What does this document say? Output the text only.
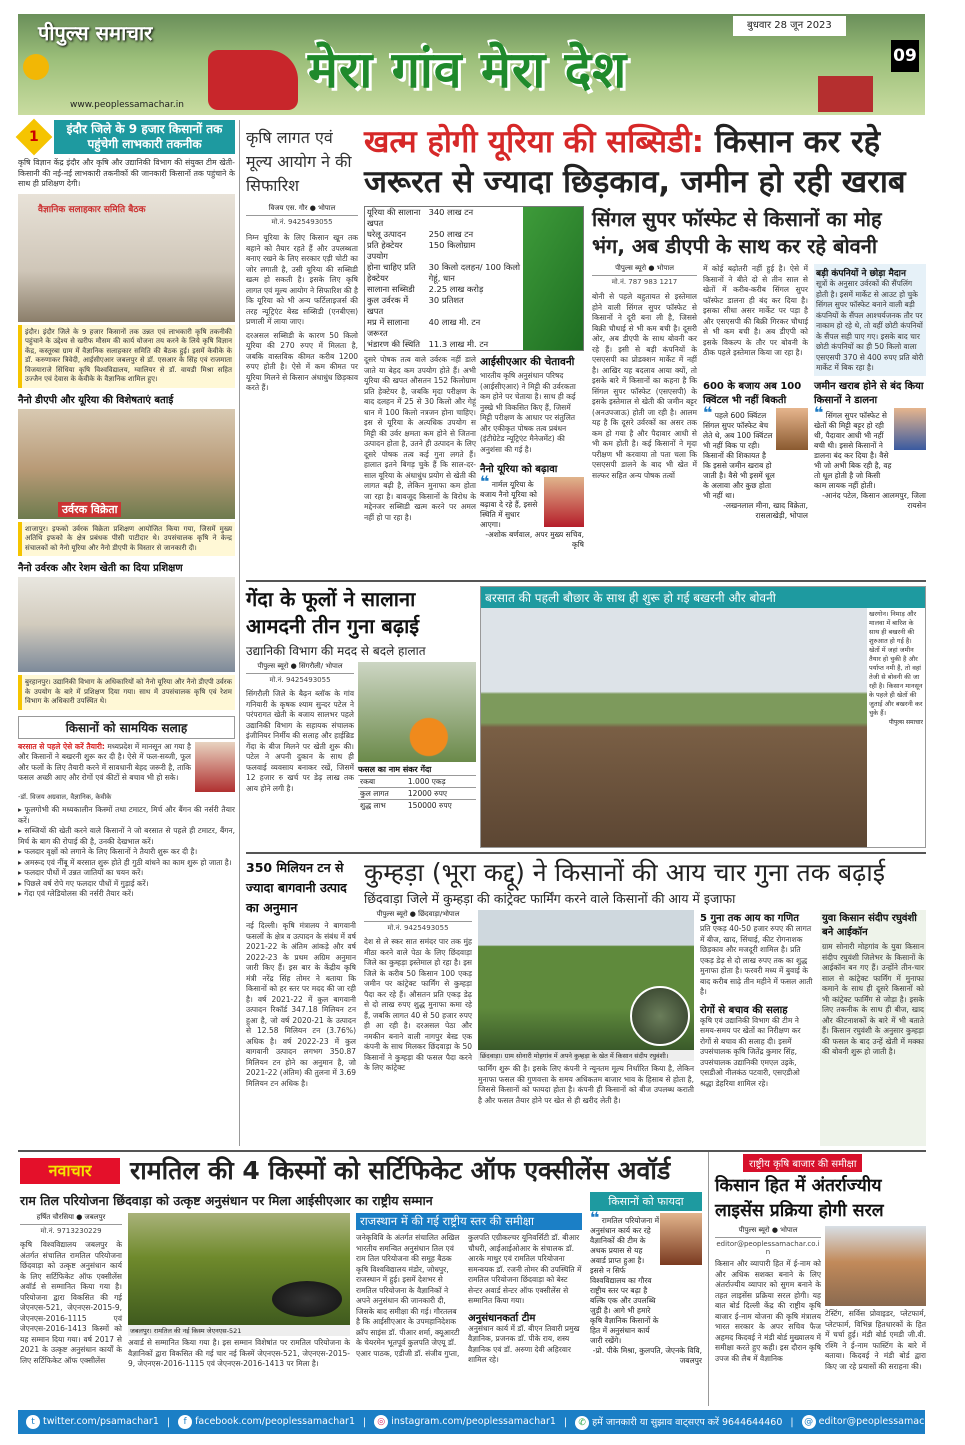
पीपुल्स समाचार
www.peoplessamachar.in
मेरा गांव मेरा देश
बुधवार 28 जून 2023
09
1	इंदौर जिले के 9 हजार किसानों तक पहुंचेगी लाभकारी तकनीक

कृषि विज्ञान केंद्र इंदौर और कृषि और उद्यानिकी विभाग की संयुक्त टीम खेती-किसानी की नई-नई लाभकारी तकनीकों की जानकारी किसानों तक पहुंचाने के साथ ही प्रशिक्षण देगी।

वैज्ञानिक सलाहकार समिति बैठक

इंदौर। इंदौर जिले के 9 हजार किसानों तक उन्नत एवं लाभकारी कृषि तकनीकी पहुंचाने के उद्देश्य से खरीफ मौसम की कार्य योजना तय करने के लिये कृषि विज्ञान केंद्र, कस्तूरबा ग्राम में वैज्ञानिक सलाहकार समिति की बैठक हुई। इसमें केवीके के डॉ. करुणाकर त्रिवेदी, आईसीएआर जबलपुर से डॉ. एसआर के सिंह एवं राजमाता विजयाराजे सिंधिया कृषि विश्वविद्यालय, ग्वालियर से डॉ. वायडी मिश्रा सहित उज्जैन एवं देवास के केवीके के वैज्ञानिक शामिल हुए।

नैनो डीएपी और यूरिया की विशेषताएं बताई
उर्वरक विक्रेता

शाजापुर। इफको उर्वरक विक्रेता प्रशिक्षण आयोजित किया गया, जिसमें मुख्य अतिथि इफको के क्षेत्र प्रबंधक पीसी पाटीदार थे। उपसंचालक कृषि ने केन्द्र संचालकों को नैनो यूरिया और नैनो डीएपी के विस्तार से जानकारी दी।

नैनो उर्वरक और रेशम खेती का दिया प्रशिक्षण

बुरहानपुर। उद्यानिकी विभाग के अधिकारियों को नैनो यूरिया और नैनो डीएपी उर्वरक के उपयोग के बारे में प्रशिक्षण दिया गया। साथ में उपसंचालक कृषि एवं रेशम विभाग के अधिकारी उपस्थित थे।

किसानों को सामयिक सलाह

बरसात से पहले ऐसे करें तैयारी: मध्यप्रदेश में मानसून आ गया है और किसानों ने बखरनी शुरू कर दी है। ऐसे में फल-सब्जी, फूल और फलों के लिए तैयारी करने में सावधानी बेहद जरूरी है, ताकि फसल अच्छी आए और रोगों एवं कीटों से बचाव भी हो सके।

-डॉ. विजय अग्रवाल, वैज्ञानिक, केवीके
▸ फूलगोभी की मध्यकालीन किस्मों तथा टमाटर, मिर्च और बैंगन की नर्सरी तैयार करें।
▸ सब्जियों की खेती करने वाले किसानों ने जो बरसात से पहले ही टमाटर, बैंगन, मिर्च के बाग की रोपाई की है, उनकी देखभाल करें।
▸ फलदार वृक्षों को लगाने के लिए किसानों ने तैयारी शुरू कर दी है।
▸ अमरूद एवं नींबू में बरसात शुरू होते ही गुठी बांधने का काम शुरू हो जाता है।
▸ फलदार पौधों में उन्नत जातियों का चयन करें।
▸ पिछले वर्ष रोपे गए फलदार पौधों में गुड़ाई करें।
▸ गेंदा एवं ग्लेडियोलस की नर्सरी तैयार करें।
कृषि लागत एवं मूल्य आयोग ने की सिफारिश
विजय एस. गौर ● भोपाल
मो.नं. 9425493055

निम्न यूरिया के लिए किसान खून तक बहाने को तैयार रहते हैं और उपलब्धता बनाए रखने के लिए सरकार एड़ी चोटी का जोर लगाती है, उसी यूरिया की सब्सिडी खत्म हो सकती है। इसके लिए कृषि लागत एवं मूल्य आयोग ने सिफारिश की है कि यूरिया को भी अन्य फर्टिलाइजर्स की तरह न्यूट्रिएंट बेस्ड सब्सिडी (एनबीएस) प्रणाली में लाया जाए।

दरअसल सब्सिडी के कारण 50 किलो यूरिया की 270 रुपए में मिलता है, जबकि वास्तविक कीमत करीब 1200 रुपए होती है। ऐसे में कम कीमत पर यूरिया मिलने से किसान अंधाधुंध छिड़काव करते हैं।

खत्म होगी यूरिया की सब्सिडी: किसान कर रहे जरूरत से ज्यादा छिड़काव, जमीन हो रही खराब
यूरिया की सालाना खपत	340 लाख टन
घरेलू उत्पादन	250 लाख टन
प्रति हेक्टेयर उपयोग	150 किलोग्राम
होना चाहिए प्रति हेक्टेयर	30 किलो दलहन/ 100 किलो गेहूं, धान
सालाना सब्सिडी	2.25 लाख करोड़
कुल उर्वरक में खपत	30 प्रतिशत
मप्र में सालाना जरूरत	40 लाख मी. टन
भंडारण की स्थिति	11.3 लाख मी. टन

दूसरे पोषक तत्व वाले उर्वरक नहीं डाले जाते या बेहद कम उपयोग होते हैं। अभी यूरिया की खपत औसतन 152 किलोग्राम प्रति हेक्टेयर है, जबकि मृदा परीक्षण के बाद दलहन में 25 से 30 किलो और गेहूं धान में 100 किलो नत्रजन होना चाहिए। इस से यूरिया के अत्यधिक उपयोग स मिट्टी की उर्वर क्षमता कम होने से जितना उत्पादन होता है, उतने ही उत्पादन के लिए दूसरे पोषक तत्व कई गुना लगते हैं। हालात इतने बिगड़ चुके हैं कि साल-दर-साल यूरिया के अंधाधुंध प्रयोग से खेती की लागत बढ़ी है, लेकिन मुनाफा कम होता जा रहा है। बावजूद किसानों के विरोध के मद्देनजर सब्सिडी खत्म करने पर अमल नहीं हो पा रहा है।

आईसीएआर की चेतावनी

भारतीय कृषि अनुसंधान परिषद (आईसीएआर) ने मिट्टी की उर्वरकता कम होने पर चेताया है। साथ ही कई नुस्खे भी विकसित किए हैं, जिसमें मिट्टी परीक्षण के आधार पर संतुलित और एकीकृत पोषक तत्व प्रबंधन (इंटीग्रेटेड न्यूट्रिएंट मैनेजमेंट) की अनुशंसा की गई है।

नैनो यूरिया को बढ़ावा

❝ नार्मल यूरिया के बजाय नैनो यूरिया को बढ़ावा दे रहे हैं, इससे स्थिति में सुधार आएगा।

-अशोक बर्णवाल, अपर मुख्य सचिव, कृषि
सिंगल सुपर फॉस्फेट से किसानों का मोह भंग, अब डीएपी के साथ कर रहे बोवनी
पीपुल्स ब्यूरो ● भोपाल
मो.नं. 787 983 1217

बोनी से पहले बहुतायत से इस्तेमाल होने वाली सिंगल सुपर फॉस्फेट से किसानों ने दूरी बना ली है, जिससे बिक्री चौथाई से भी कम बची है। दूसरी ओर, अब डीएपी के साथ बोवनी कर रहे हैं। इसी से बड़ी कंपनियों के एसएसपी का प्रोडक्शन मार्केट में नहीं है। आखिर यह बदलाव आया क्यों, तो इसके बारे में किसानों का कहना है कि सिंगल सुपर फॉस्फेट (एसएसपी) के इसके इस्तेमाल से खेती की जमीन बट्टर (अनउपजाऊ) होती जा रही है। आलम यह है कि दूसरे उर्वरकों का असर तक कम हो गया है और पैदावार आधी से भी कम होती है। कई किसानों ने मृदा परीक्षण भी करवाया तो पता चला कि एसएसपी डालने के बाद भी खेत में सल्फर सहित अन्य पोषक तत्वों

में कोई बढ़ोतरी नहीं हुई है। ऐसे में किसानों ने बीते दो से तीन साल से खेतों में करीब-करीब सिंगल सुपर फॉस्फेट डालना ही बंद कर दिया है। इसका सीधा असर मार्केट पर पड़ा है और एसएसपी की बिक्री गिरकर चौथाई से भी कम बची है। अब डीएपी को इसके विकल्प के तौर पर बोवनी के ठीक पहले इस्तेमाल किया जा रहा है।

बड़ी कंपनियों ने छोड़ा मैदान

सूत्रों के अनुसार उर्वरकों की सैंपलिंग होती है। इसमें मार्केट से आउट हो चुके सिंगल सुपर फॉस्फेट बनाने वाली बड़ी कंपनियों के सैंपल आश्चर्यजनक तौर पर नाकाम हो रहे थे, तो वहीं छोटी कंपनियों के सैंपल सही पाए गए। इसके बाद चार छोटी कंपनियों का ही 50 किलो वाला एसएसपी 370 से 400 रुपए प्रति बोरी मार्केट में बिक रहा है।

600 के बजाय अब 100 क्विंटल भी नहीं बिकती

❝ पहले 600 क्विंटल सिंगल सुपर फॉस्फेट बेच लेते थे, अब 100 क्विंटल भी नहीं बिक पा रही। किसानों की शिकायत है कि इससे जमीन खराब हो जाती है। वैसे भी इसमें धूल के अलावा और कुछ होता भी नहीं था।

-लखनलाल मीना, खाद विक्रेता, रासलाखेड़ी, भोपाल
जमीन खराब होने से बंद किया किसानों ने डालना

❝ सिंगल सुपर फॉस्फेट से खेतों की मिट्टी बट्टर हो रही थी, पैदावार आधी भी नहीं बची थी। इससे किसानों ने डालना बंद कर दिया है। वैसे भी जो अभी बिक रही है, वह तो धूल होती है जो किसी काम लायक नहीं होती।

-आनंद पटेल, किसान आलमपुर, जिला रायसेन
गेंदा के फूलों ने सालाना आमदनी तीन गुना बढ़ाई
उद्यानिकी विभाग की मदद से बदले हालात
पीपुल्स ब्यूरो ● सिंगरौली/ भोपाल
मो.नं. 9425493055

सिंगरौली जिले के बैढ़न ब्लॉक के गांव गनियारी के कृषक श्याम सुन्दर पटेल ने परंपरागत खेती के बजाय सालभर पहले उद्यानिकी विभाग के सहायक संचालक इंजीनियर निर्मीय की सलाह और हाईब्रिड गेंदा के बीज मिलने पर खेती शुरू की। पटेल ने अपनी दुकान के साथ ही फलवाई व्यवसाय बनाकर रखें, जिसमें 12 हजार रु खर्च पर डेढ़ लाख तक आय होने लगी है।

फसल का नाम संकर गेंदा
रकबा	1.000 एकड़
कुल लागत	12000 रुपए
शुद्ध लाभ	150000 रुपए
बरसात की पहली बौछार के साथ ही शुरू हो गई बखरनी और बोवनी

खरगोन। निमाड़ और मालवा में बारिश के साथ ही बखरनी की शुरुआत हो गई है। खेतों में जहां जमीन तैयार हो चुकी है और पर्याप्त नमी है, तो वहां तेजी से बोवनी की जा रही है। किसान मानसून के पहले ही खेतों की जुताई और बखरनी कर चुके हैं।

पीपुल्स समाचार
350 मिलियन टन से ज्यादा बागवानी उत्पाद का अनुमान

नई दिल्ली। कृषि मंत्रालय ने बागवानी फसलों के क्षेत्र व उत्पादन के संबंध में वर्ष 2021-22 के अंतिम आंकड़े और वर्ष 2022-23 के प्रथम अग्रिम अनुमान जारी किए हैं। इस बार के केंद्रीय कृषि मंत्री नरेंद्र सिंह तोमर ने बताया कि किसानों को हर स्तर पर मदद की जा रही है। वर्ष 2021-22 में कुल बागवानी उत्पादन रिकॉर्ड 347.18 मिलियन टन हुआ है, जो वर्ष 2020-21 के उत्पादन से 12.58 मिलियन टन (3.76%) अधिक है। वर्ष 2022-23 में कुल बागवानी उत्पादन लगभग 350.87 मिलियन टन होने का अनुमान है, जो 2021-22 (अंतिम) की तुलना में 3.69 मिलियन टन अधिक है।

कुम्हड़ा (भूरा कद्दू) ने किसानों की आय चार गुना तक बढ़ाई
छिंदवाड़ा जिले में कुम्हड़ा की कांट्रेक्ट फार्मिंग करने वाले किसानों की आय में इजाफा
पीपुल्स ब्यूरो ● छिंदवाड़ा/भोपाल
मो.नं. 9425493055

देश से ले स्कर सात समंदर पार तक मुंह मीठा करने वाले पेठा के लिए छिंदवाड़ा जिले का कुम्हड़ा इस्तेमाल हो रहा है। इस जिले के करीब 50 किसान 100 एकड़ जमीन पर कांट्रेक्ट फार्मिंग से कुम्हड़ा पैदा कर रहे हैं। औसतन प्रति एकड़ डेढ़ से दो लाख रुपए शुद्ध मुनाफा कमा रहे हैं, जबकि लागत 40 से 50 हजार रुपए ही आ रही है। दरअसल पेठा और नमकीन बनाने वाली नागपुर बेस्ड एक कंपनी के साथ मिलकर छिंदवाड़ा के 50 किसानों ने कुम्हड़ा की फसल पैदा करने के लिए कांट्रेक्ट

छिंदवाड़ा। ग्राम सोनारी मोहगांव में अपने कुम्हड़ा के खेत में किसान संदीप रघुवंशी।

फार्मिंग शुरू की है। इसके लिए कंपनी ने न्यूनतम मूल्य निर्धारित किया है, लेकिन मुनाफा फसल की गुणवत्ता के समय अधिकतम बाजार भाव के हिसाब से होता है, जिससे किसानों को फायदा होता है। कंपनी ही किसानों को बीज उपलब्ध कराती है और फसल तैयार होने पर खेत से ही खरीद लेती है।

5 गुना तक आय का गणित

प्रति एकड़ 40-50 हजार रुपए की लागत में बीज, खाद, सिंचाई, कीट रोगनाशक छिड़काव और मजदूरी शामिल है। प्रति एकड़ डेढ़ से दो लाख रुपए तक का शुद्ध मुनाफा होता है। फरवरी मध्य में बुवाई के बाद करीब साढ़े तीन महीने में फसल आती है।

रोगों से बचाव की सलाह

कृषि एवं उद्यानिकी विभाग की टीम ने समय-समय पर खेतों का निरीक्षण कर रोगों से बचाव की सलाह दी। इसमें उपसंचालक कृषि जितेंद्र कुमार सिंह, उपसंचालक उद्यानिकी एमएल उइके, एसडीओ नीलकंठ पटवारी, एसएडीओ श्रद्धा डेहरिया शामिल रहे।

युवा किसान संदीप रघुवंशी बने आईकॉन

ग्राम सोनारी मोहगांव के युवा किसान संदीप रघुवंशी जिलेभर के किसानों के आईकॉन बन गए हैं। उन्होंने तीन-चार साल से कांट्रेक्ट फार्मिंग में मुनाफा कमाने के साथ ही दूसरे किसानों को भी कांट्रेक्ट फार्मिंग से जोड़ा है। इसके लिए तकनीक के साथ ही बीज, खाद और कीटनाशकों के बारे में भी बताते हैं। किसान रघुवंशी के अनुसार कुम्हड़ा की फसल के बाद उन्हें खेती में मक्का की बोवनी शुरू हो जाती है।

नवाचार	रामतिल की 4 किस्मों को सर्टिफिकेट ऑफ एक्सीलेंस अवॉर्ड
राम तिल परियोजना छिंदवाड़ा को उत्कृष्ट अनुसंधान पर मिला आईसीएआर का राष्ट्रीय सम्मान
हर्षित चौरसिया ● जबलपुर
मो.नं. 9713230229

कृषि विश्वविद्यालय जबलपुर के अंतर्गत संचालित रामतिल परियोजना छिंदवाड़ा को उत्कृष्ट अनुसंधान कार्य के लिए सर्टिफिकेट ऑफ एक्सीलेंस अवॉर्ड से सम्मानित किया गया है। परियोजना द्वारा विकसित की गई जेएनएस-521, जेएनएस-2015-9, जेएनएस-2016-1115 एवं जेएनएस-2016-1413 किस्मों को यह सम्मान दिया गया। वर्ष 2017 से 2021 के उत्कृष्ट अनुसंधान कार्यों के लिए सर्टिफिकेट ऑफ एक्सीलेंस

जबलपुर। रामतिल की नई किस्म जेएनएस-521

अवार्ड से सम्मानित किया गया है। इस सम्मान विशेषांत पर रामतिल परियोजना के वैज्ञानिकों द्वारा विकसित की गई चार नई किस्में जेएनएस-521, जेएनएस-2015-9, जेएनएस-2016-1115 एवं जेएनएस-2016-1413 पर मिला है।

राजस्थान में की गई राष्ट्रीय स्तर की समीक्षा

जनेकृविवि के अंतर्गत संचालित अखिल भारतीय समन्वित अनुसंधान तिल एवं राम तिल परियोजना की समूह बैठक कृषि विश्वविद्यालय मंडोर, जोधपुर, राजस्थान में हुई। इसमें देशभर से रामतिल परियोजना के वैज्ञानिकों ने अपने अनुसंधान की जानकारी दी, जिसके बाद समीक्षा की गई। गौरतलब है कि आईसीएआर के उपमहानिदेशक क्रॉप साइंस डॉ. पीआर शर्मा, क्यूआरटी के चेयरमेन भूतपूर्व कुलपति जेएयू डॉ. एआर पाठक, एडीजी डॉ. संजीव गुप्ता,

कुलपति एग्रीकल्चर यूनिवर्सिटी डॉ. बीआर चौधरी, आईआईओआर के संचालक डॉ. आरके माथुर एवं रामतिल परियोजना समन्वयक डॉ. रजनी तोमर की उपस्थिति में रामतिल परियोजना छिंदवाड़ा को बेस्ट सेन्टर अवार्ड सेन्टर ऑफ एक्सीलेंस से सम्मानित किया गया।

अनुसंधानकर्ता टीम

अनुसंधान कार्य में डॉ. बीएन तिवारी प्रमुख वैज्ञानिक, प्रजनक डॉ. पीके राय, शस्य वैज्ञानिक एवं डॉ. अरुणा देवी अहिरवार शामिल रहे।

किसानों को फायदा

❝ रामतिल परियोजना में अनुसंधान कार्य कर रहे वैज्ञानिकों की टीम के अथक प्रयास से यह अवार्ड प्राप्त हुआ है। इससे न सिर्फ विश्वविद्यालय का गौरव राष्ट्रीय स्तर पर बढ़ा है बल्कि एक और उपलब्धि जुड़ी है। आगे भी हमारे कृषि वैज्ञानिक किसानों के हित में अनुसंधान कार्य जारी रखेंगे।

-प्रो. पीके मिश्रा, कुलपति, जेएनके विवि, जबलपुर
राष्ट्रीय कृषि बाजार की समीक्षा
किसान हित में अंतर्राज्यीय लाइसेंस प्रक्रिया होगी सरल
पीपुल्स ब्यूरो ● भोपाल
editor@peoplessamachar.co.in

किसान और व्यापारी हित में ई-नाम को और अधिक सशक्त बनाने के लिए अंतर्राज्यीय व्यापार को सुगम बनाने के तहत लाइसेंस प्रक्रिया सरल होगी। यह बात बोर्ड दिल्ली केंद्र की राष्ट्रीय कृषि बाजार ई-नाम योजना की कृषि मंत्रालय भारत सरकार के अपर सचिव फैज अहमद किदवई ने मंडी बोर्ड मुख्यालय में समीक्षा करते हुए कही। इस दौरान कृषि उपज की लैब में वैज्ञानिक

टेस्टिंग, सर्विस प्रोवाइडर, प्लेटफार्म, प्लेटफार्म, विभिन्न हितधारकों के हित में चर्चा हुई। मंडी बोर्ड एमडी जी.वी. रश्मि ने ई-नाम फास्टिंग के बारे में बताया। किदवई ने मंडी बोर्ड द्वारा किए जा रहे प्रयासों की सराहना की।

t twitter.com/psamachar1 |	f facebook.com/peoplessamachar1 |	◎ instagram.com/peoplessamachar1 |	✆ हमें जानकारी या सुझाव वाट्सएप करें 9644644460 | @ editor@peoplessamachar.co.in
